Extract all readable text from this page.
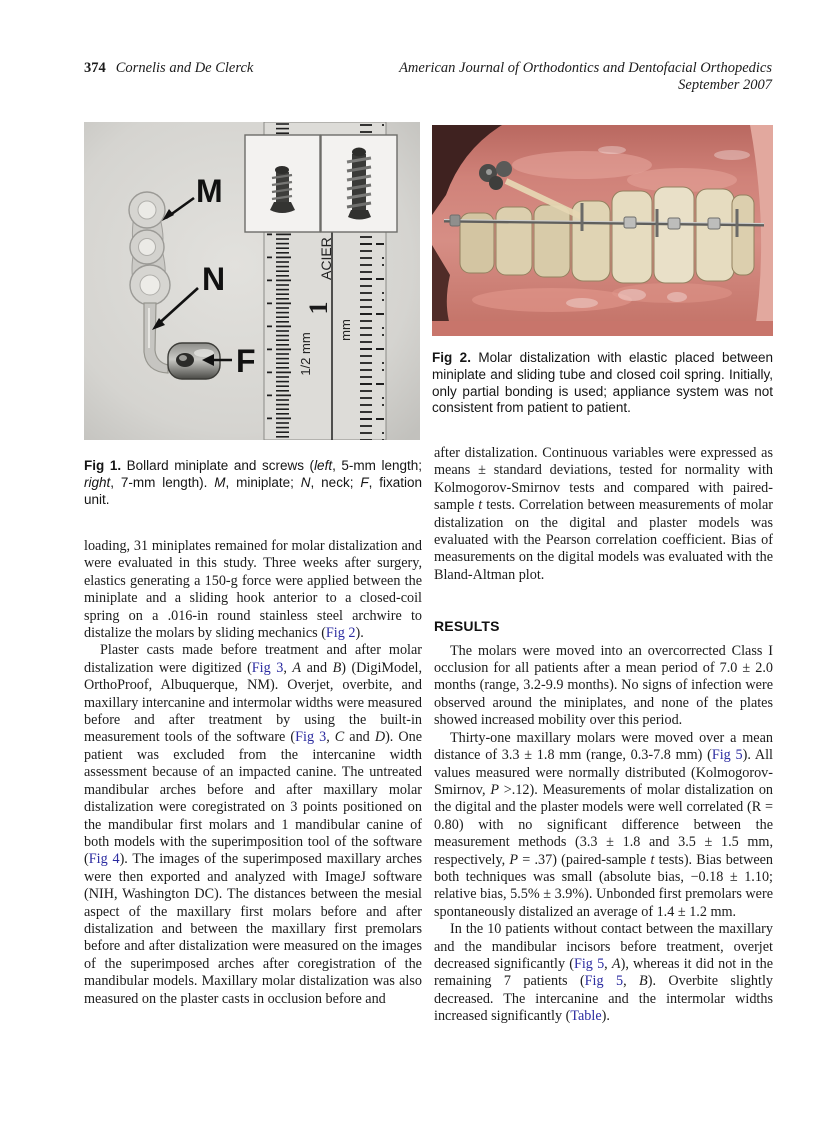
374 Cornelis and De Clerck	American Journal of Orthodontics and Dentofacial Orthopedics
September 2007
ACIER
1
1/2 mm
mm
M
N
F	Fig 2. Molar distalization with elastic placed between miniplate and sliding tube and closed coil spring. Initially, only partial bonding is used; appliance system was not consistent from patient to patient.
Fig 1. Bollard miniplate and screws (left, 5-mm length; right, 7-mm length). M, miniplate; N, neck; F, fixation unit.

loading, 31 miniplates remained for molar distalization and were evaluated in this study. Three weeks after surgery, elastics generating a 150-g force were applied between the miniplate and a sliding hook anterior to a closed-coil spring on a .016-in round stainless steel archwire to distalize the molars by sliding mechanics (Fig 2).

Plaster casts made before treatment and after molar distalization were digitized (Fig 3, A and B) (DigiModel, OrthoProof, Albuquerque, NM). Overjet, overbite, and maxillary intercanine and intermolar widths were measured before and after treatment by using the built-in measurement tools of the software (Fig 3, C and D). One patient was excluded from the intercanine width assessment because of an impacted canine. The untreated mandibular arches before and after maxillary molar distalization were coregistrated on 3 points positioned on the mandibular first molars and 1 mandibular canine of both models with the superimposition tool of the software (Fig 4). The images of the superimposed maxillary arches were then exported and analyzed with ImageJ software (NIH, Washington DC). The distances between the mesial aspect of the maxillary first molars before and after distalization and between the maxillary first premolars before and after distalization were measured on the images of the superimposed arches after coregistration of the mandibular models. Maxillary molar distalization was also measured on the plaster casts in occlusion before and

after distalization. Continuous variables were expressed as means ± standard deviations, tested for normality with Kolmogorov-Smirnov tests and compared with paired-sample t tests. Correlation between measurements of molar distalization on the digital and plaster models was evaluated with the Pearson correlation coefficient. Bias of measurements on the digital models was evaluated with the Bland-Altman plot.

RESULTS

The molars were moved into an overcorrected Class I occlusion for all patients after a mean period of 7.0 ± 2.0 months (range, 3.2-9.9 months). No signs of infection were observed around the miniplates, and none of the plates showed increased mobility over this period.

Thirty-one maxillary molars were moved over a mean distance of 3.3 ± 1.8 mm (range, 0.3-7.8 mm) (Fig 5). All values measured were normally distributed (Kolmogorov-Smirnov, P >.12). Measurements of molar distalization on the digital and the plaster models were well correlated (R = 0.80) with no significant difference between the measurement methods (3.3 ± 1.8 and 3.5 ± 1.5 mm, respectively, P = .37) (paired-sample t tests). Bias between both techniques was small (absolute bias, −0.18 ± 1.10; relative bias, 5.5% ± 3.9%). Unbonded first premolars were spontaneously distalized an average of 1.4 ± 1.2 mm.

In the 10 patients without contact between the maxillary and the mandibular incisors before treatment, overjet decreased significantly (Fig 5, A), whereas it did not in the remaining 7 patients (Fig 5, B). Overbite slightly decreased. The intercanine and the intermolar widths increased significantly (Table).
